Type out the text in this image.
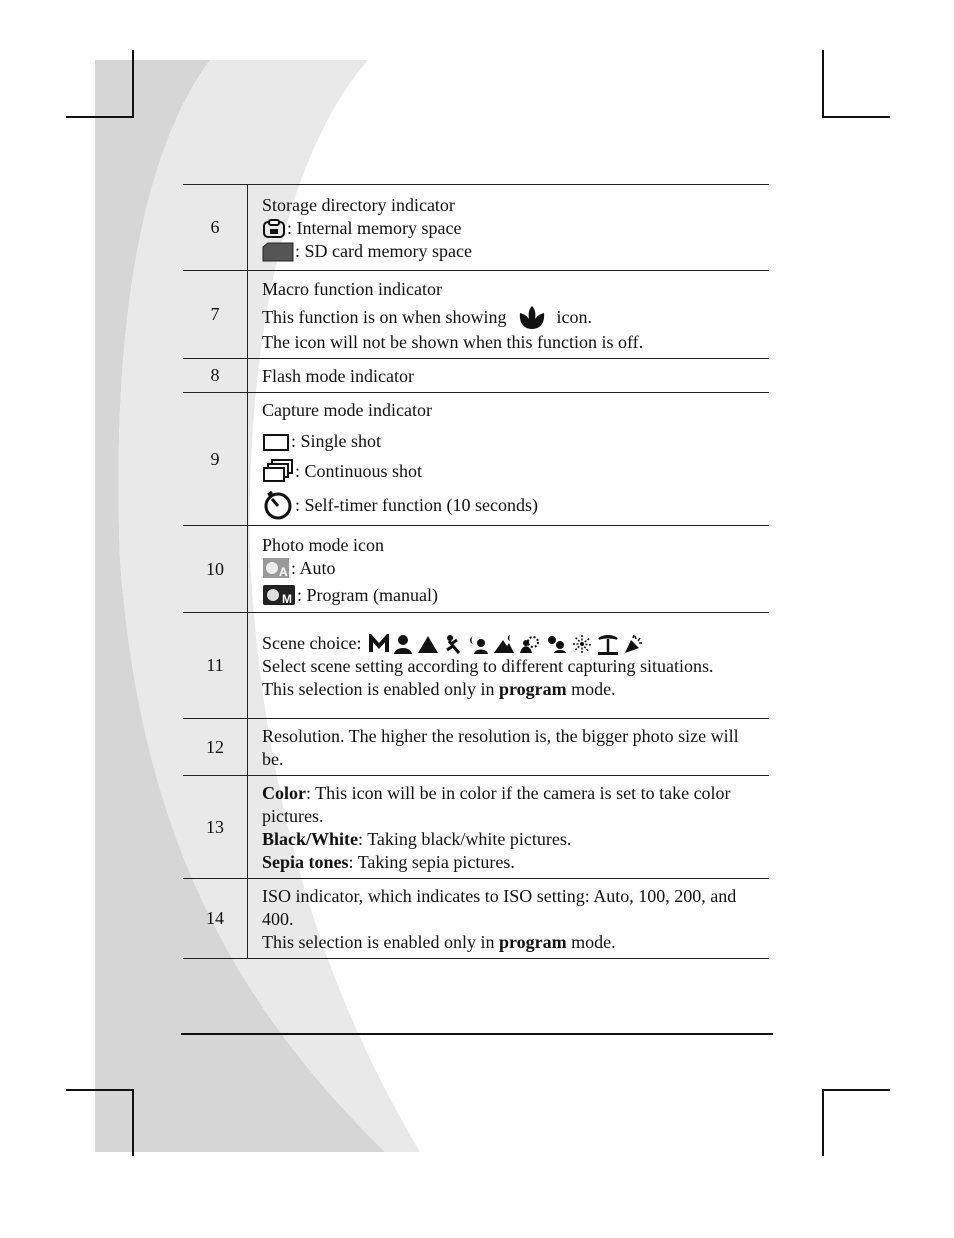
6	Storage directory indicator
: Internal memory space
: SD card memory space

7	Macro function indicator
This function is on when showing icon.
The icon will not be shown when this function is off.

8	Flash mode indicator

9	Capture mode indicator
: Single shot
: Continuous shot
: Self-timer function (10 seconds)

10	Photo mode icon
A : Auto
M : Program (manual)

11	Scene choice:
Select scene setting according to different capturing situations.
This selection is enabled only in program mode.

12	Resolution. The higher the resolution is, the bigger photo size will be.

13	Color: This icon will be in color if the camera is set to take color pictures.
Black/White : Taking black/white pictures.
Sepia tones : Taking sepia pictures.

14	ISO indicator, which indicates to ISO setting: Auto, 100, 200, and 400.
This selection is enabled only in program mode.
